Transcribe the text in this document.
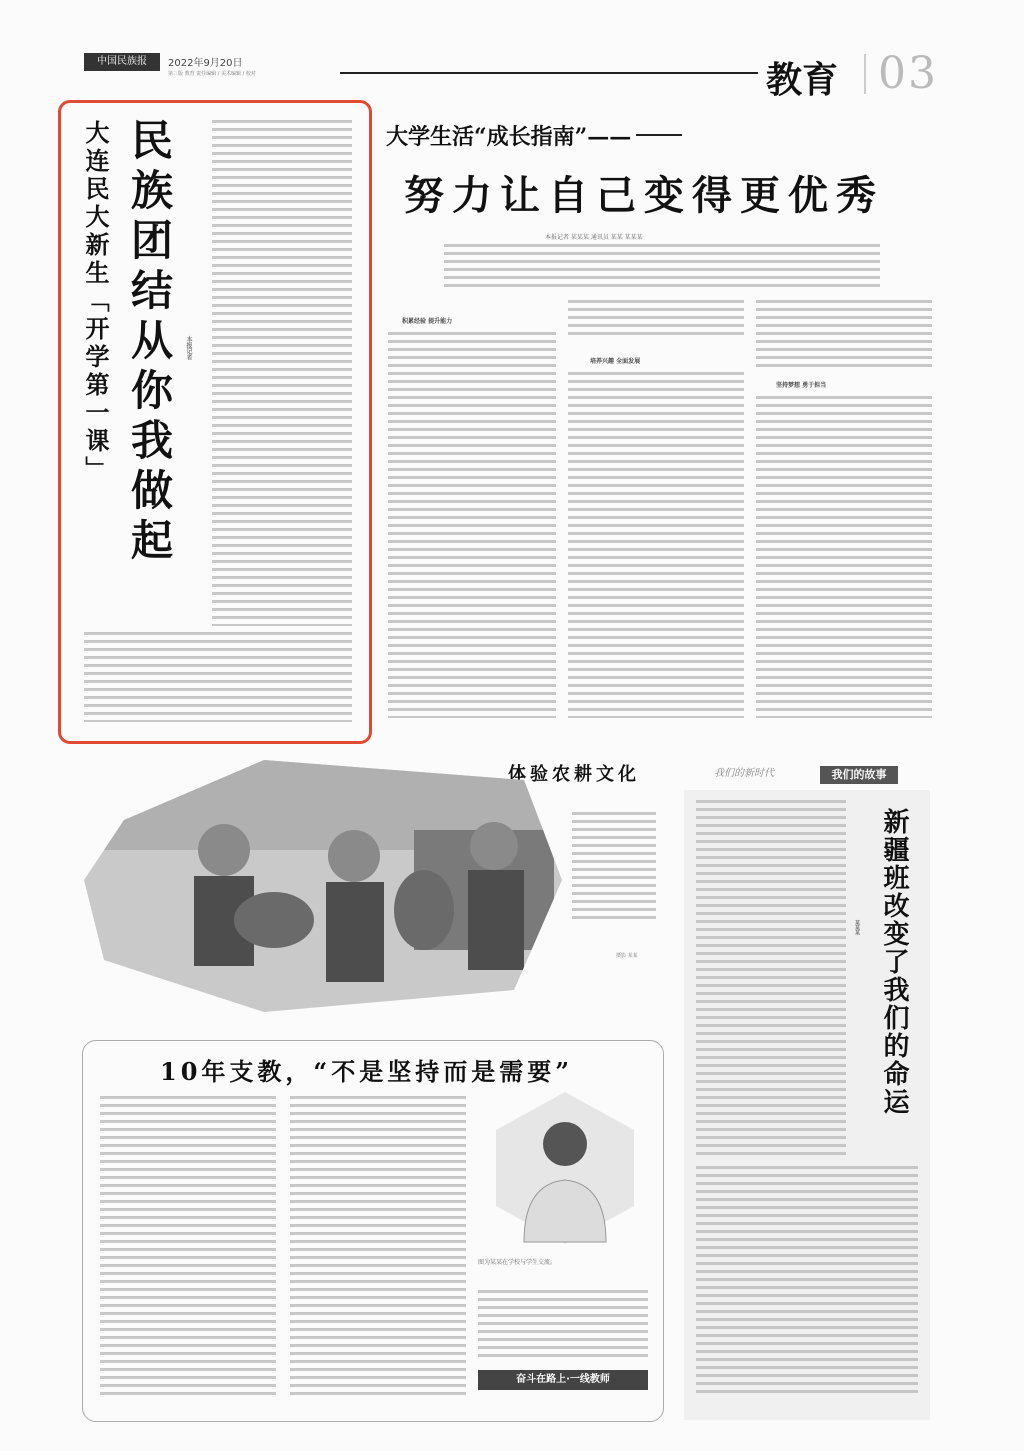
中国民族报	2022年9月20日
第三版 教育 责任编辑 / 美术编辑 / 校对	教育 03
大连民大新生「开学第一课」 民族团结从你我做起 本报记者
大学生活“成长指南”——
努力让自己变得更优秀
本报记者 某某某 通讯员 某某 某某某
积累经验 提升能力
培养兴趣 全面发展
坚持梦想 勇于担当
体验农耕文化
摄影 某某
我们的新时代	我们的故事
新疆班改变了我们的命运
某某某
10年支教，“不是坚持而是需要”
图为某某在学校与学生交流。
奋斗在路上·一线教师
